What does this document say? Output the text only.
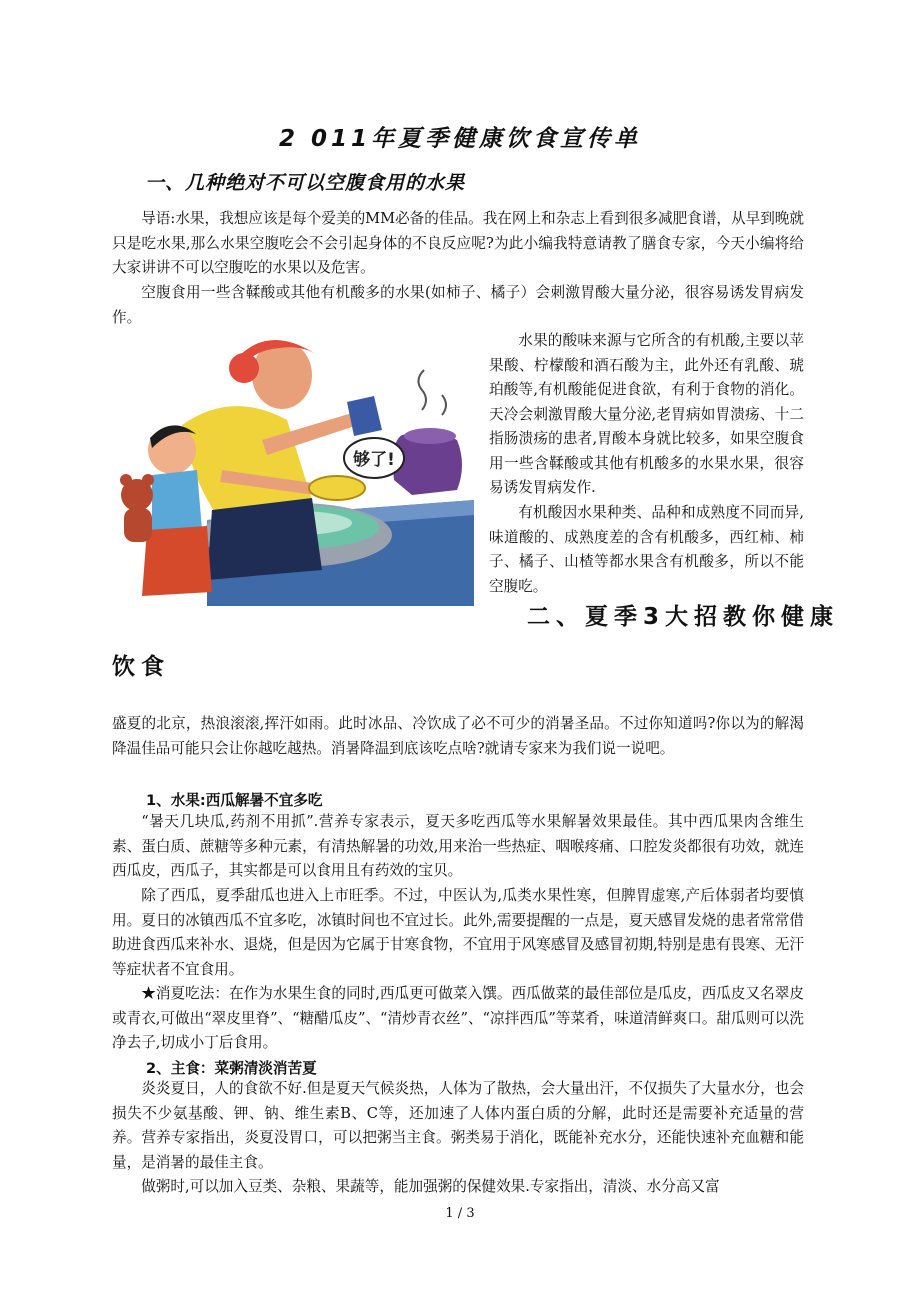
2 011年夏季健康饮食宣传单
一、几种绝对不可以空腹食用的水果

导语:水果，我想应该是每个爱美的MM必备的佳品。我在网上和杂志上看到很多减肥食谱，从早到晚就只是吃水果,那么水果空腹吃会不会引起身体的不良反应呢?为此小编我特意请教了膳食专家，今天小编将给大家讲讲不可以空腹吃的水果以及危害。

空腹食用一些含鞣酸或其他有机酸多的水果(如柿子、橘子）会刺激胃酸大量分泌，很容易诱发胃病发作。

够了!

水果的酸味来源与它所含的有机酸,主要以苹果酸、柠檬酸和酒石酸为主，此外还有乳酸、琥珀酸等,有机酸能促进食欲，有利于食物的消化。天冷会刺激胃酸大量分泌,老胃病如胃溃疡、十二指肠溃疡的患者,胃酸本身就比较多，如果空腹食用一些含鞣酸或其他有机酸多的水果水果，很容易诱发胃病发作.

有机酸因水果种类、品种和成熟度不同而异,味道酸的、成熟度差的含有机酸多，西红柿、柿子、橘子、山楂等都水果含有机酸多，所以不能空腹吃。

二、夏季3大招教你健康
饮食

盛夏的北京，热浪滚滚,挥汗如雨。此时冰品、冷饮成了必不可少的消暑圣品。不过你知道吗?你以为的解渴降温佳品可能只会让你越吃越热。消暑降温到底该吃点啥?就请专家来为我们说一说吧。

1、水果:西瓜解暑不宜多吃

“暑天几块瓜,药剂不用抓”.营养专家表示，夏天多吃西瓜等水果解暑效果最佳。其中西瓜果肉含维生素、蛋白质、蔗糖等多种元素，有清热解暑的功效,用来治一些热症、咽喉疼痛、口腔发炎都很有功效，就连西瓜皮，西瓜子，其实都是可以食用且有药效的宝贝。

除了西瓜，夏季甜瓜也进入上市旺季。不过，中医认为,瓜类水果性寒，但脾胃虚寒,产后体弱者均要慎用。夏日的冰镇西瓜不宜多吃，冰镇时间也不宜过长。此外,需要提醒的一点是，夏天感冒发烧的患者常常借助进食西瓜来补水、退烧，但是因为它属于甘寒食物，不宜用于风寒感冒及感冒初期,特别是患有畏寒、无汗等症状者不宜食用。

★消夏吃法：在作为水果生食的同时,西瓜更可做菜入馔。西瓜做菜的最佳部位是瓜皮，西瓜皮又名翠皮或青衣,可做出“翠皮里脊”、“糖醋瓜皮”、“清炒青衣丝”、“凉拌西瓜”等菜肴，味道清鲜爽口。甜瓜则可以洗净去子,切成小丁后食用。

2、主食：菜粥清淡消苦夏

炎炎夏日，人的食欲不好.但是夏天气候炎热，人体为了散热，会大量出汗，不仅损失了大量水分，也会损失不少氨基酸、钾、钠、维生素B、C等，还加速了人体内蛋白质的分解，此时还是需要补充适量的营养。营养专家指出，炎夏没胃口，可以把粥当主食。粥类易于消化，既能补充水分，还能快速补充血糖和能量，是消暑的最佳主食。

做粥时,可以加入豆类、杂粮、果蔬等，能加强粥的保健效果.专家指出，清淡、水分高又富

1 / 3
